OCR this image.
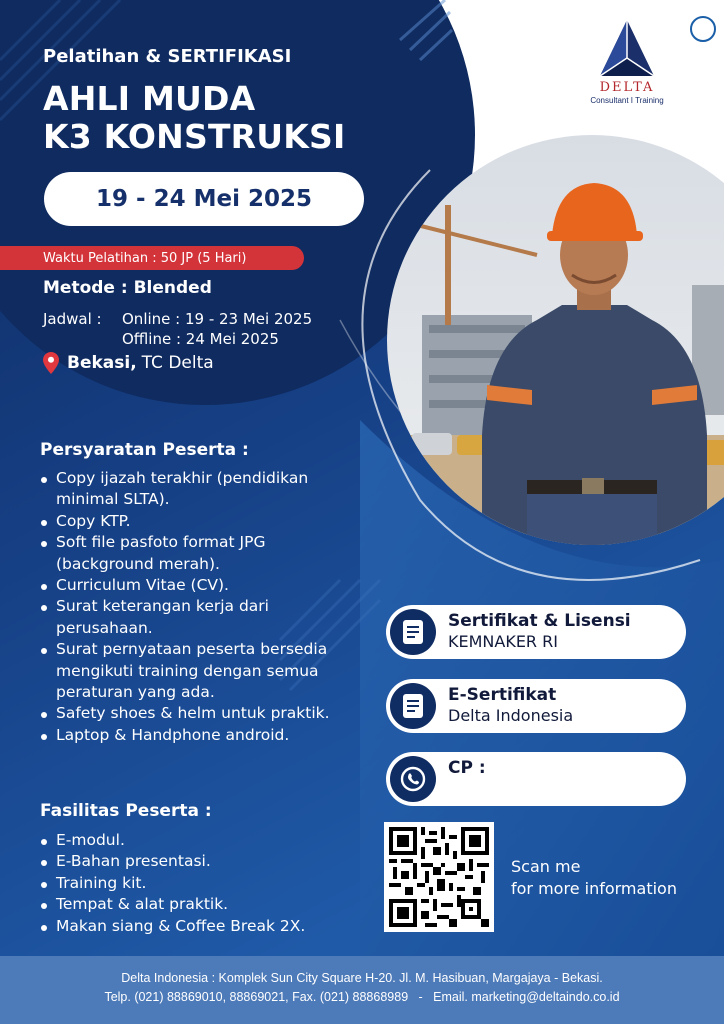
DELTA
Consultant I Training
Pelatihan & SERTIFIKASI
AHLI MUDA
K3 KONSTRUKSI
19 - 24 Mei 2025
Waktu Pelatihan : 50 JP (5 Hari)
Metode : Blended
Jadwal :	Online : 19 - 23 Mei 2025
Offline : 24 Mei 2025
Bekasi, TC Delta
Persyaratan Peserta :
Copy ijazah terakhir (pendidikan minimal SLTA).
Copy KTP.
Soft file pasfoto format JPG (background merah).
Curriculum Vitae (CV).
Surat keterangan kerja dari perusahaan.
Surat pernyataan peserta bersedia mengikuti training dengan semua peraturan yang ada.
Safety shoes & helm untuk praktik.
Laptop & Handphone android.
Fasilitas Peserta :
E-modul.
E-Bahan presentasi.
Training kit.
Tempat & alat praktik.
Makan siang & Coffee Break 2X.
Sertifikat & Lisensi
KEMNAKER RI
E-Sertifikat
Delta Indonesia
CP :
Scan me
for more information
Delta Indonesia : Komplek Sun City Square H-20. Jl. M. Hasibuan, Margajaya - Bekasi.
Telp. (021) 88869010, 88869021, Fax. (021) 88868989   -   Email. marketing@deltaindo.co.id
